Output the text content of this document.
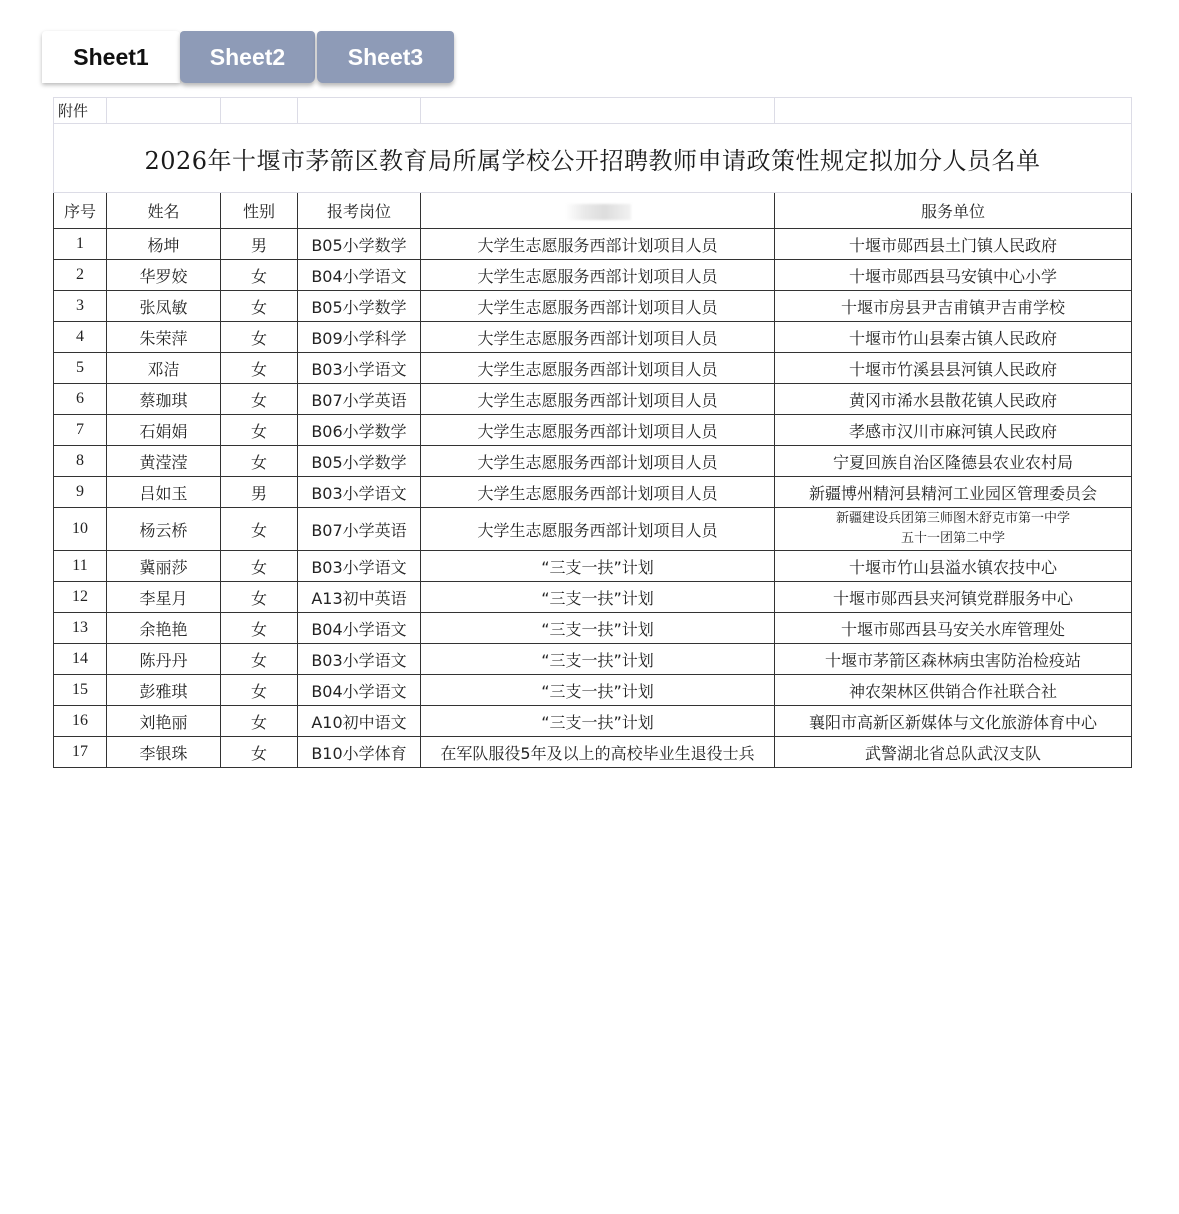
Sheet1	Sheet2	Sheet3
附件					
2026年十堰市茅箭区教育局所属学校公开招聘教师申请政策性规定拟加分人员名单					
序号	姓名	性别	报考岗位		服务单位
1	杨坤	男	B05小学数学	大学生志愿服务西部计划项目人员	十堰市郧西县土门镇人民政府
2	华罗姣	女	B04小学语文	大学生志愿服务西部计划项目人员	十堰市郧西县马安镇中心小学
3	张凤敏	女	B05小学数学	大学生志愿服务西部计划项目人员	十堰市房县尹吉甫镇尹吉甫学校
4	朱荣萍	女	B09小学科学	大学生志愿服务西部计划项目人员	十堰市竹山县秦古镇人民政府
5	邓洁	女	B03小学语文	大学生志愿服务西部计划项目人员	十堰市竹溪县县河镇人民政府
6	蔡珈琪	女	B07小学英语	大学生志愿服务西部计划项目人员	黄冈市浠水县散花镇人民政府
7	石娟娟	女	B06小学数学	大学生志愿服务西部计划项目人员	孝感市汉川市麻河镇人民政府
8	黄滢滢	女	B05小学数学	大学生志愿服务西部计划项目人员	宁夏回族自治区隆德县农业农村局
9	吕如玉	男	B03小学语文	大学生志愿服务西部计划项目人员	新疆博州精河县精河工业园区管理委员会
10	杨云桥	女	B07小学英语	大学生志愿服务西部计划项目人员	新疆建设兵团第三师图木舒克市第一中学
五十一团第二中学

11	冀丽莎	女	B03小学语文	“三支一扶”计划	十堰市竹山县溢水镇农技中心
12	李星月	女	A13初中英语	“三支一扶”计划	十堰市郧西县夹河镇党群服务中心
13	余艳艳	女	B04小学语文	“三支一扶”计划	十堰市郧西县马安关水库管理处
14	陈丹丹	女	B03小学语文	“三支一扶”计划	十堰市茅箭区森林病虫害防治检疫站
15	彭雅琪	女	B04小学语文	“三支一扶”计划	神农架林区供销合作社联合社
16	刘艳丽	女	A10初中语文	“三支一扶”计划	襄阳市高新区新媒体与文化旅游体育中心
17	李银珠	女	B10小学体育	在军队服役5年及以上的高校毕业生退役士兵	武警湖北省总队武汉支队
